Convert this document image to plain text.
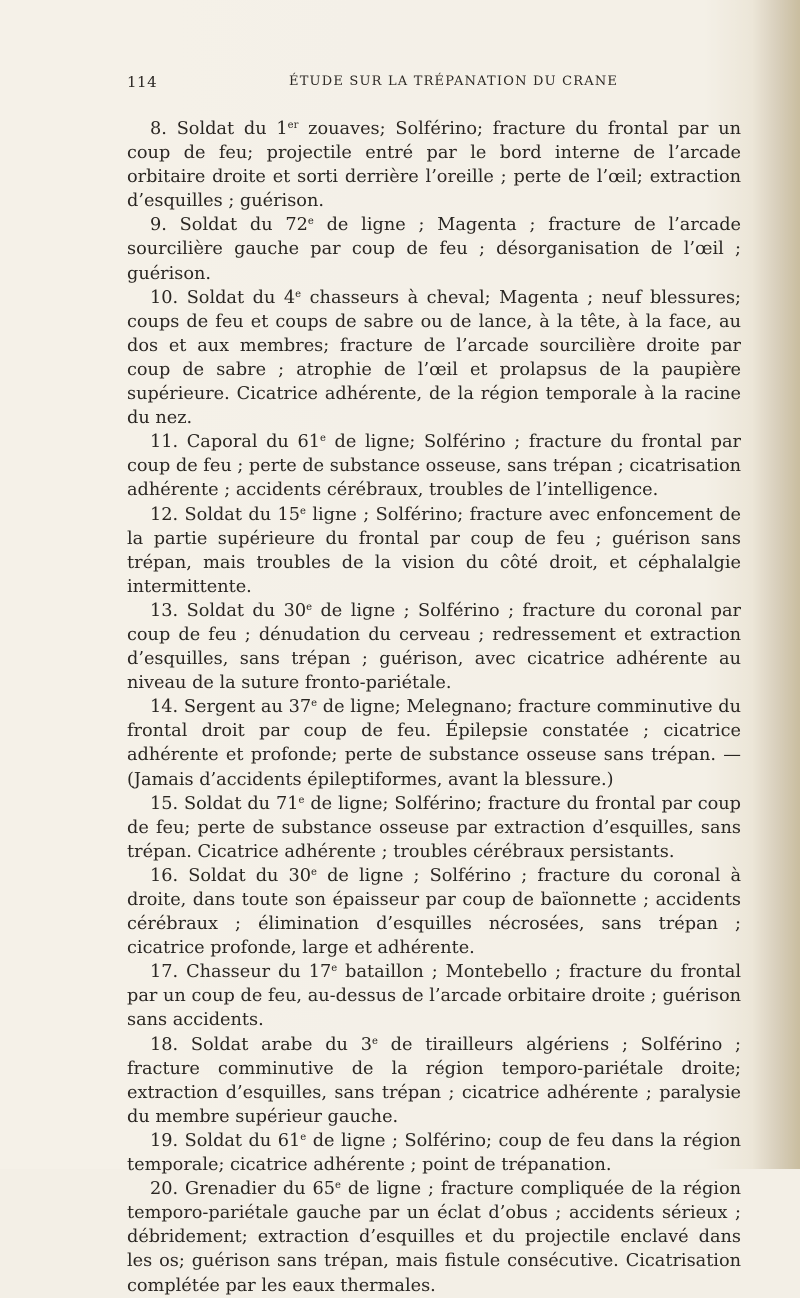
114	ÉTUDE SUR LA TRÉPANATION DU CRANE

8. Soldat du 1er zouaves; Solférino; fracture du frontal par un coup de feu; projectile entré par le bord interne de l’arcade orbitaire droite et sorti derrière l’oreille ; perte de l’œil; extraction d’esquilles ; guérison.

9. Soldat du 72e de ligne ; Magenta ; fracture de l’arcade sourcilière gauche par coup de feu ; désorganisation de l’œil ; guérison.

10. Soldat du 4e chasseurs à cheval; Magenta ; neuf blessures; coups de feu et coups de sabre ou de lance, à la tête, à la face, au dos et aux membres; fracture de l’arcade sourcilière droite par coup de sabre ; atrophie de l’œil et prolapsus de la paupière supérieure. Cicatrice adhérente, de la région temporale à la racine du nez.

11. Caporal du 61e de ligne; Solférino ; fracture du frontal par coup de feu ; perte de substance osseuse, sans trépan ; cicatrisation adhérente ; accidents cérébraux, troubles de l’intelligence.

12. Soldat du 15e ligne ; Solférino; fracture avec enfoncement de la partie supérieure du frontal par coup de feu ; guérison sans trépan, mais troubles de la vision du côté droit, et céphalalgie intermittente.

13. Soldat du 30e de ligne ; Solférino ; fracture du coronal par coup de feu ; dénudation du cerveau ; redressement et extraction d’esquilles, sans trépan ; guérison, avec cicatrice adhérente au niveau de la suture fronto-pariétale.

14. Sergent au 37e de ligne; Melegnano; fracture comminutive du frontal droit par coup de feu. Épilepsie constatée ; cicatrice adhérente et profonde; perte de substance osseuse sans trépan. — (Jamais d’accidents épileptiformes, avant la blessure.)

15. Soldat du 71e de ligne; Solférino; fracture du frontal par coup de feu; perte de substance osseuse par extraction d’esquilles, sans trépan. Cicatrice adhérente ; troubles cérébraux persistants.

16. Soldat du 30e de ligne ; Solférino ; fracture du coronal à droite, dans toute son épaisseur par coup de baïonnette ; accidents cérébraux ; élimination d’esquilles nécrosées, sans trépan ; cicatrice profonde, large et adhérente.

17. Chasseur du 17e bataillon ; Montebello ; fracture du frontal par un coup de feu, au-dessus de l’arcade orbitaire droite ; guérison sans accidents.

18. Soldat arabe du 3e de tirailleurs algériens ; Solférino ; fracture comminutive de la région temporo-pariétale droite; extraction d’esquilles, sans trépan ; cicatrice adhérente ; paralysie du membre supérieur gauche.

19. Soldat du 61e de ligne ; Solférino; coup de feu dans la région temporale; cicatrice adhérente ; point de trépanation.

20. Grenadier du 65e de ligne ; fracture compliquée de la région temporo-pariétale gauche par un éclat d’obus ; accidents sérieux ; débridement; extraction d’esquilles et du projectile enclavé dans les os; guérison sans trépan, mais fistule consécutive. Cicatrisation complétée par les eaux thermales.
